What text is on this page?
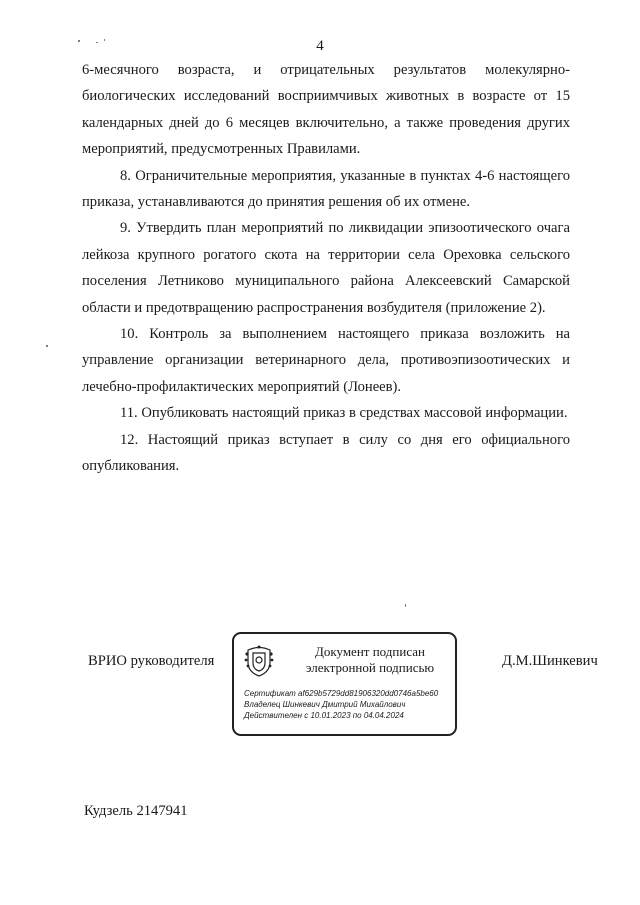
4

6-месячного возраста, и отрицательных результатов молекулярно-биологических исследований восприимчивых животных в возрасте от 15 календарных дней до 6 месяцев включительно, а также проведения других мероприятий, предусмотренных Правилами.

8. Ограничительные мероприятия, указанные в пунктах 4-6 настоящего приказа, устанавливаются до принятия решения об их отмене.

9. Утвердить план мероприятий по ликвидации эпизоотического очага лейкоза крупного рогатого скота на территории села Ореховка сельского поселения Летниково муниципального района Алексеевский Самарской области и предотвращению распространения возбудителя (приложение 2).

10. Контроль за выполнением настоящего приказа возложить на управление организации ветеринарного дела, противоэпизоотических и лечебно-профилактических мероприятий (Лонеев).

11. Опубликовать настоящий приказ в средствах массовой информации.

12. Настоящий приказ вступает в силу со дня его официального опубликования.

ВРИО руководителя
Документ подписан
электронной подписью
Сертификат af629b5729dd81906320dd0746a5be60
Владелец Шинкевич Дмитрий Михайлович
Действителен с 10.01.2023 по 04.04.2024
Д.М.Шинкевич
Кудзель 2147941
